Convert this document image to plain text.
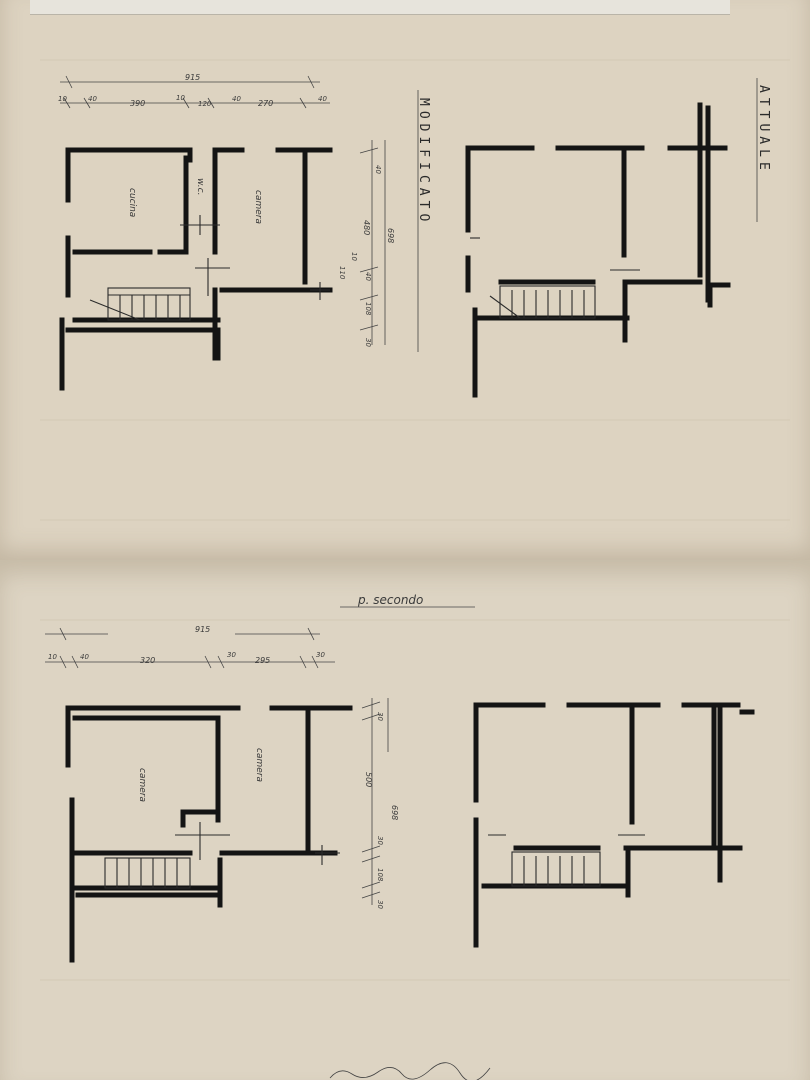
cucina
w.c.
camera
915
10	40	390
10
120
40 270	40
40
480
698
10
110	40
108
30
MODIFICATO	ATTUALE
p. secondo
camera
camera
915
10	40	320
30
295
30
30
500
698
30
108
30
